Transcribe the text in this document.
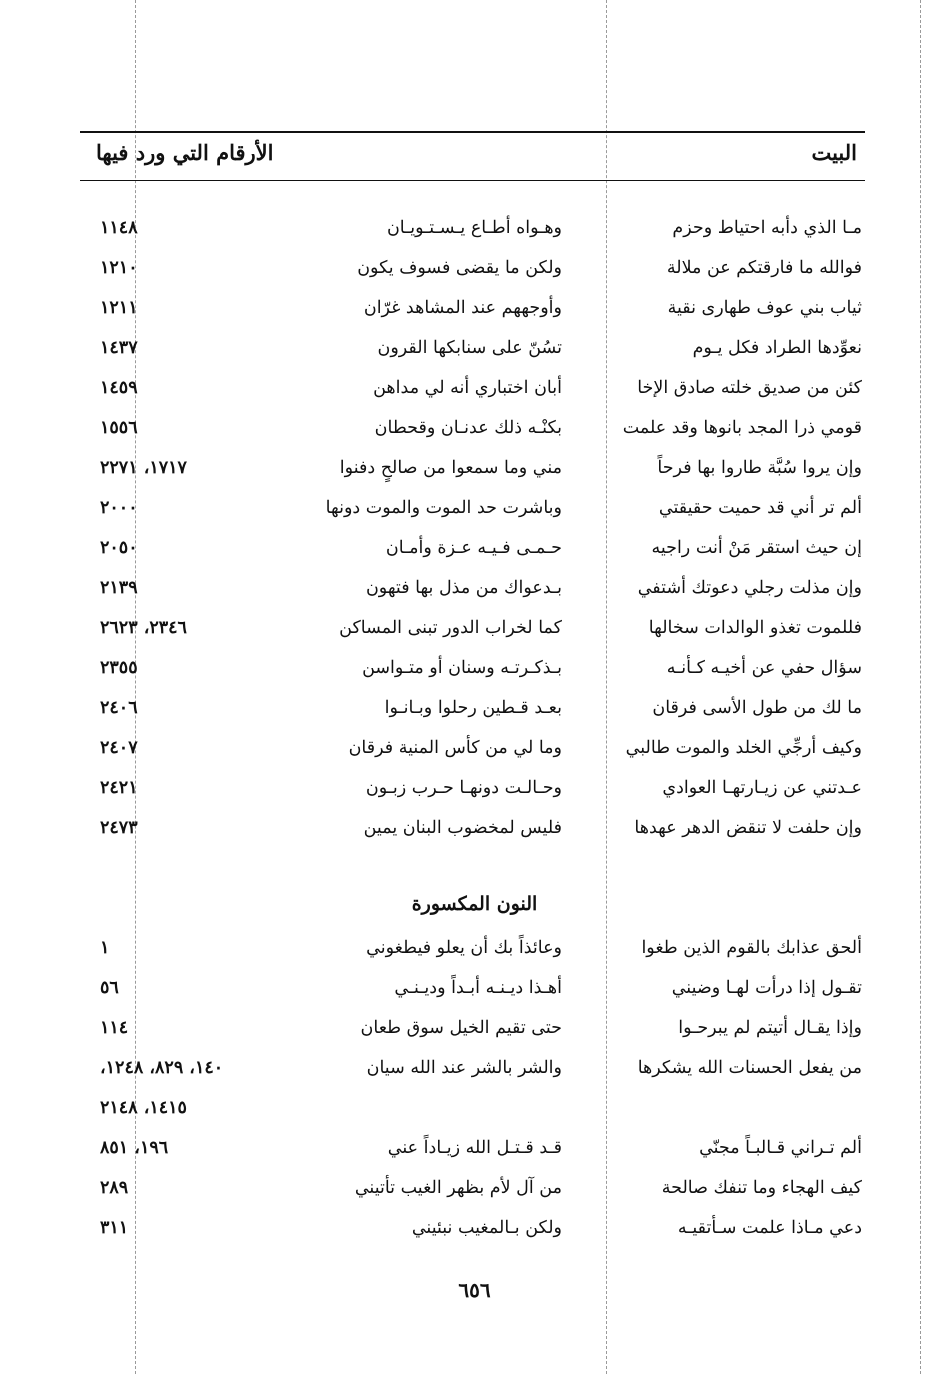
البيت
الأرقام التي ورد فيها
مـا الذي دأبه احتياط وحزم
وهـواه أطـاع يـسـتـويـان
١١٤٨
فوالله ما فارقتكم عن ملالة
ولكن ما يقضى فسوف يكون
١٢١٠
ثياب بني عوف طهارى نقية
وأوجههم عند المشاهد غرّان
١٢١١
نعوِّدها الطراد فكل يـوم
تسُنّ على سنابكها القرون
١٤٣٧
كئن من صديق خلته صادق الإخا
أبان اختباري أنه لي مداهن
١٤٥٩
قومي ذرا المجد بانوها وقد علمت
بكنْـه ذلك عدنـان وقحطان
١٥٥٦
وإن يروا سُبَّة طاروا بها فرحاً
مني وما سمعوا من صالحٍ دفنوا
١٧١٧، ٢٢٧١
ألم تر أني قد حميت حقيقتي
وباشرت حد الموت والموت دونها
٢٠٠٠
إن حيث استقر مَنْ أنت راجيه
حـمـى فـيـه عـزة وأمـان
٢٠٥٠
وإن مذلت رجلي دعوتك أشتفي
بـدعواك من مذل بها فتهون
٢١٣٩
فللموت تغذو الوالدات سخالها
كما لخراب الدور تبنى المساكن
٢٣٤٦، ٢٦٢٣
سؤال حفي عن أخيـه كـأنـه
بـذكـرتـه وسنان أو متـواسن
٢٣٥٥
ما لك من طول الأسى فرقان
بعـد قـطين رحلوا وبـانـوا
٢٤٠٦
وكيف أرجِّي الخلد والموت طالبي
وما لي من كأس المنية فرقان
٢٤٠٧
عـدتني عن زيـارتهـا العوادي
وحـالـت دونهـا حـرب زبـون
٢٤٢١
وإن حلفت لا تنقض الدهر عهدها
فليس لمخضوب البنان يمين
٢٤٧٣
النون المكسورة
ألحق عذابك بالقوم الذين طغوا
وعائذاً بك أن يعلو فيطغوني
١
تقـول إذا درأت لهـا وضيني
أهـذا ديـنـه أبـداً وديـنـي
٥٦
وإذا يقـال أتيتم لم يبرحـوا
حتى تقيم الخيل سوق طعان
١١٤
من يفعل الحسنات الله يشكرها
والشر بالشر عند الله سيان
١٤٠، ٨٢٩، ١٢٤٨،
١٤١٥، ٢١٤٨
ألم تـراني قـالبـاً مجنّي
قـد قـتـل الله زيـاداً عني
١٩٦، ٨٥١
كيف الهجاء وما تنفك صالحة
من آل لأم بظهر الغيب تأتيني
٢٨٩
دعي مـاذا علمت سـأتقيـه
ولكن بـالمغيب نبئيني
٣١١
٦٥٦
